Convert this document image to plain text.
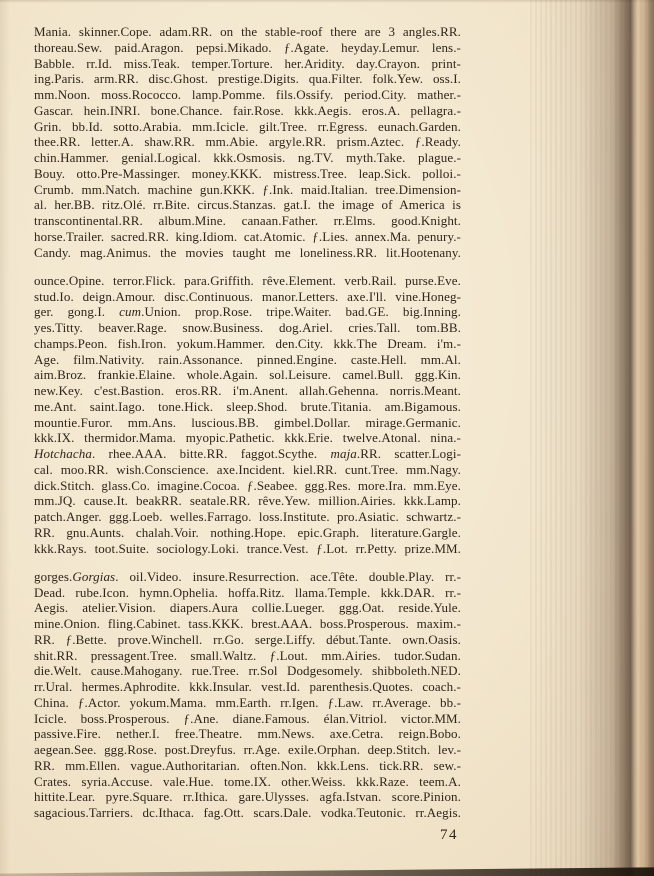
Mania. skinner.Cope. adam.RR. on the stable-roof there are 3 angles.RR.
thoreau.Sew. paid.Aragon. pepsi.Mikado. ƒ.Agate. heyday.Lemur. lens.-
Babble. rr.Id. miss.Teak. temper.Torture. her.Aridity. day.Crayon. print-
ing.Paris. arm.RR. disc.Ghost. prestige.Digits. qua.Filter. folk.Yew. oss.I.
mm.Noon. moss.Rococco. lamp.Pomme. fils.Ossify. period.City. mather.-
Gascar. hein.INRI. bone.Chance. fair.Rose. kkk.Aegis. eros.A. pellagra.-
Grin. bb.Id. sotto.Arabia. mm.Icicle. gilt.Tree. rr.Egress. eunach.Garden.
thee.RR. letter.A. shaw.RR. mm.Abie. argyle.RR. prism.Aztec. ƒ.Ready.
chin.Hammer. genial.Logical. kkk.Osmosis. ng.TV. myth.Take. plague.-
Bouy. otto.Pre-Massinger. money.KKK. mistress.Tree. leap.Sick. polloi.-
Crumb. mm.Natch. machine gun.KKK. ƒ.Ink. maid.Italian. tree.Dimension-
al. her.BB. ritz.Olé. rr.Bite. circus.Stanzas. gat.I. the image of America is
transcontinental.RR. album.Mine. canaan.Father. rr.Elms. good.Knight.
horse.Trailer. sacred.RR. king.Idiom. cat.Atomic. ƒ.Lies. annex.Ma. penury.-
Candy. mag.Animus. the movies taught me loneliness.RR. lit.Hootenany.

ounce.Opine. terror.Flick. para.Griffith. rêve.Element. verb.Rail. purse.Eve.
stud.Io. deign.Amour. disc.Continuous. manor.Letters. axe.I'll. vine.Honeg-
ger. gong.I. cum.Union. prop.Rose. tripe.Waiter. bad.GE. big.Inning.
yes.Titty. beaver.Rage. snow.Business. dog.Ariel. cries.Tall. tom.BB.
champs.Peon. fish.Iron. yokum.Hammer. den.City. kkk.The Dream. i'm.-
Age. film.Nativity. rain.Assonance. pinned.Engine. caste.Hell. mm.Al.
aim.Broz. frankie.Elaine. whole.Again. sol.Leisure. camel.Bull. ggg.Kin.
new.Key. c'est.Bastion. eros.RR. i'm.Anent. allah.Gehenna. norris.Meant.
me.Ant. saint.Iago. tone.Hick. sleep.Shod. brute.Titania. am.Bigamous.
mountie.Furor. mm.Ans. luscious.BB. gimbel.Dollar. mirage.Germanic.
kkk.IX. thermidor.Mama. myopic.Pathetic. kkk.Erie. twelve.Atonal. nina.-
Hotchacha. rhee.AAA. bitte.RR. faggot.Scythe. maja.RR. scatter.Logi-
cal. moo.RR. wish.Conscience. axe.Incident. kiel.RR. cunt.Tree. mm.Nagy.
dick.Stitch. glass.Co. imagine.Cocoa. ƒ.Seabee. ggg.Res. more.Ira. mm.Eye.
mm.JQ. cause.It. beakRR. seatale.RR. rêve.Yew. million.Airies. kkk.Lamp.
patch.Anger. ggg.Loeb. welles.Farrago. loss.Institute. pro.Asiatic. schwartz.-
RR. gnu.Aunts. chalah.Voir. nothing.Hope. epic.Graph. literature.Gargle.
kkk.Rays. toot.Suite. sociology.Loki. trance.Vest. ƒ.Lot. rr.Petty. prize.MM.

gorges.Gorgias. oil.Video. insure.Resurrection. ace.Tête. double.Play. rr.-
Dead. rube.Icon. hymn.Ophelia. hoffa.Ritz. llama.Temple. kkk.DAR. rr.-
Aegis. atelier.Vision. diapers.Aura collie.Lueger. ggg.Oat. reside.Yule.
mine.Onion. fling.Cabinet. tass.KKK. brest.AAA. boss.Prosperous. maxim.-
RR. ƒ.Bette. prove.Winchell. rr.Go. serge.Liffy. début.Tante. own.Oasis.
shit.RR. pressagent.Tree. small.Waltz. ƒ.Lout. mm.Airies. tudor.Sudan.
die.Welt. cause.Mahogany. rue.Tree. rr.Sol Dodgesomely. shibboleth.NED.
rr.Ural. hermes.Aphrodite. kkk.Insular. vest.Id. parenthesis.Quotes. coach.-
China. ƒ.Actor. yokum.Mama. mm.Earth. rr.Igen. ƒ.Law. rr.Average. bb.-
Icicle. boss.Prosperous. ƒ.Ane. diane.Famous. élan.Vitriol. victor.MM.
passive.Fire. nether.I. free.Theatre. mm.News. axe.Cetra. reign.Bobo.
aegean.See. ggg.Rose. post.Dreyfus. rr.Age. exile.Orphan. deep.Stitch. lev.-
RR. mm.Ellen. vague.Authoritarian. often.Non. kkk.Lens. tick.RR. sew.-
Crates. syria.Accuse. vale.Hue. tome.IX. other.Weiss. kkk.Raze. teem.A.
hittite.Lear. pyre.Square. rr.Ithica. gare.Ulysses. agfa.Istvan. score.Pinion.
sagacious.Tarriers. dc.Ithaca. fag.Ott. scars.Dale. vodka.Teutonic. rr.Aegis.

74
